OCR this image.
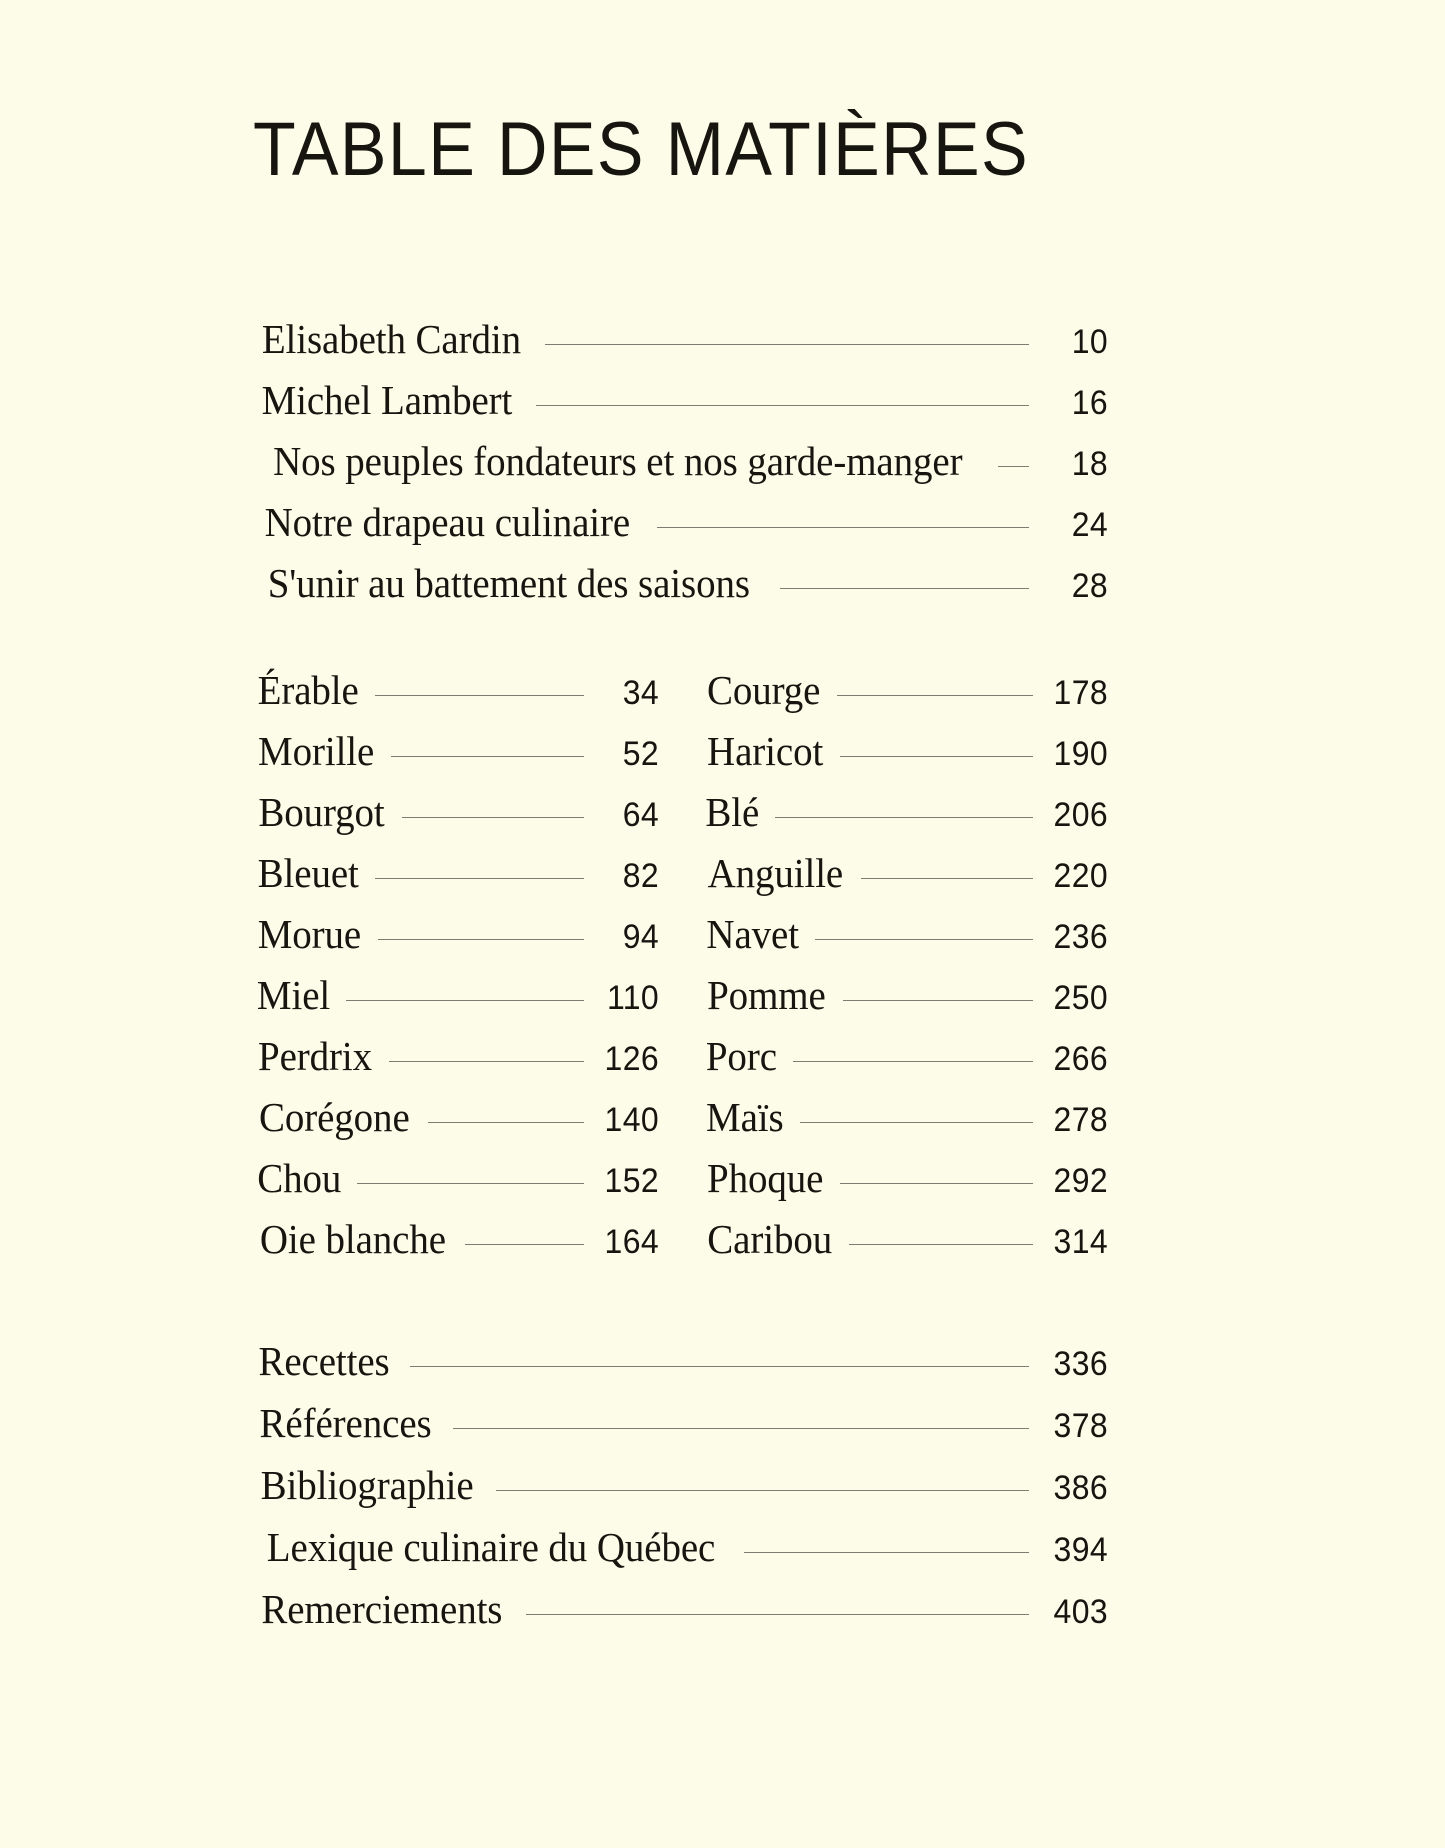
TABLE DES MATIÈRES
Elisabeth Cardin	10
Michel Lambert	16
Nos peuples fondateurs et nos garde-manger	18
Notre drapeau culinaire	24
S'unir au battement des saisons	28
Érable	34
Morille	52
Bourgot	64
Bleuet	82
Morue	94
Miel	110
Perdrix	126
Corégone	140
Chou	152
Oie blanche	164
Courge	178
Haricot	190
Blé	206
Anguille	220
Navet	236
Pomme	250
Porc	266
Maïs	278
Phoque	292
Caribou	314
Recettes	336
Références	378
Bibliographie	386
Lexique culinaire du Québec	394
Remerciements	403
